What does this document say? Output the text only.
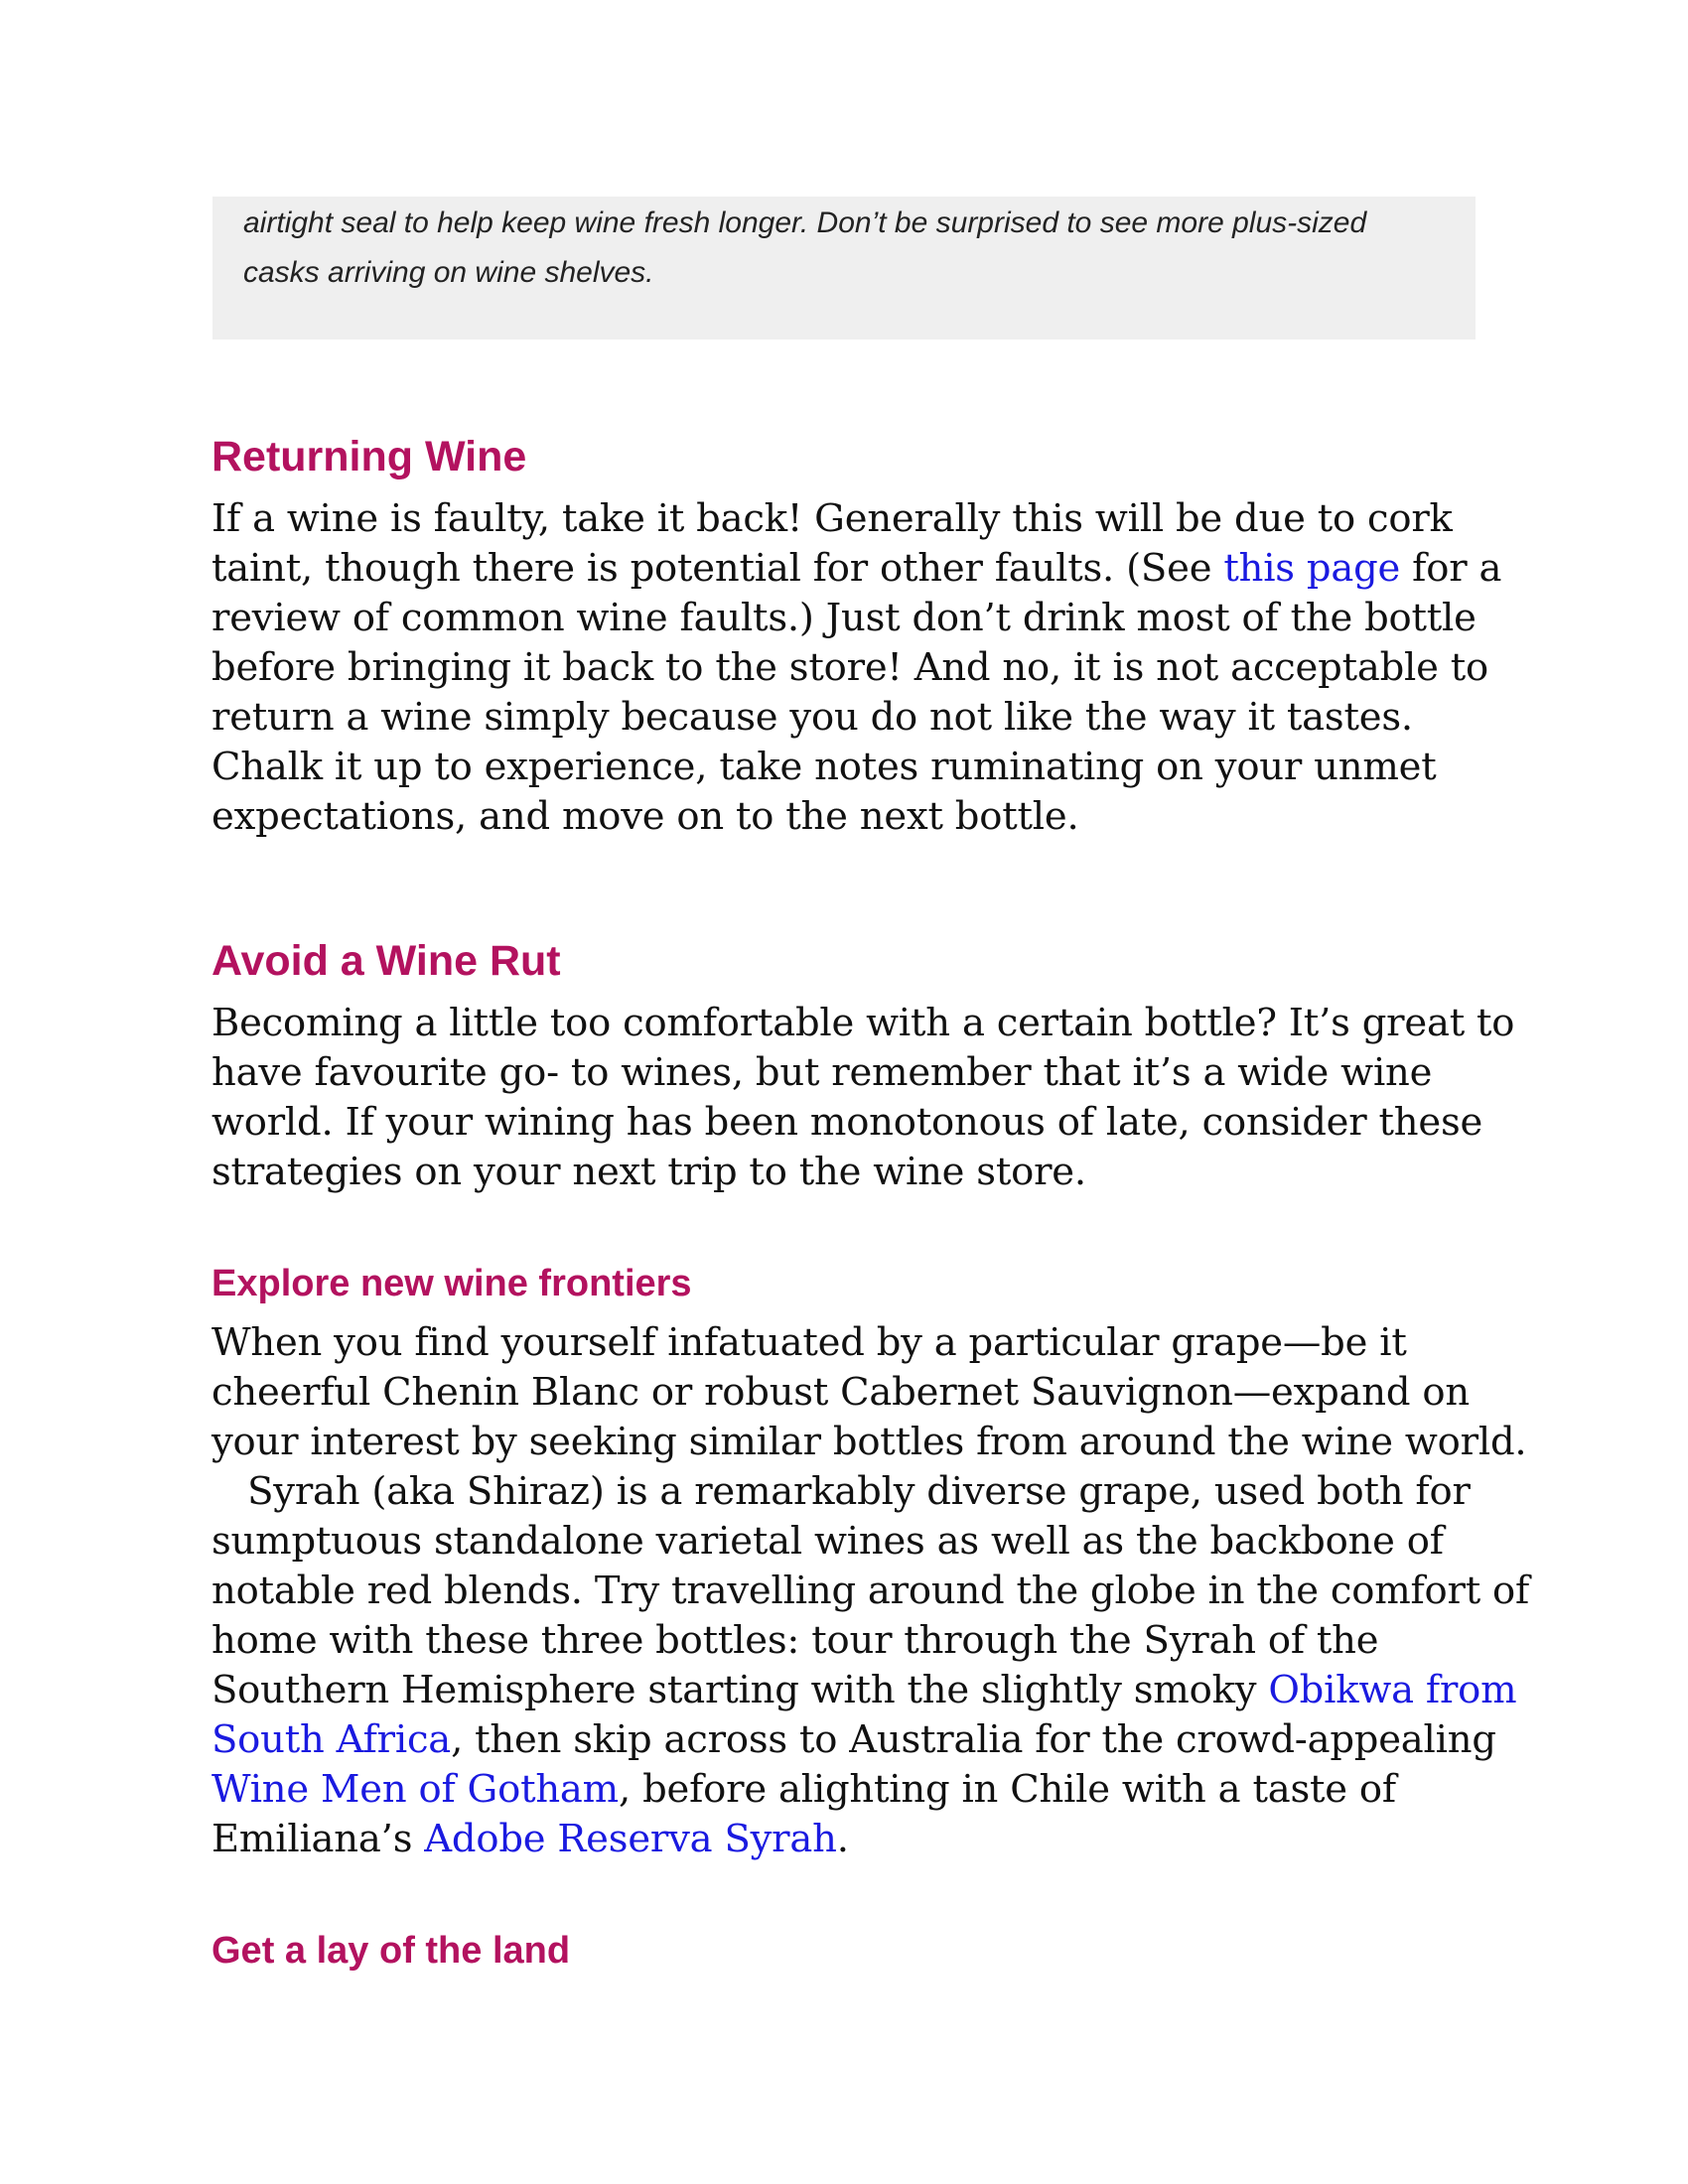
airtight seal to help keep wine fresh longer. Don’t be surprised to see more plus-sized
casks arriving on wine shelves.
Returning Wine
If a wine is faulty, take it back! Generally this will be due to cork
taint, though there is potential for other faults. (See this page for a
review of common wine faults.) Just don’t drink most of the bottle
before bringing it back to the store! And no, it is not acceptable to
return a wine simply because you do not like the way it tastes.
Chalk it up to experience, take notes ruminating on your unmet
expectations, and move on to the next bottle.
Avoid a Wine Rut
Becoming a little too comfortable with a certain bottle? It’s great to
have favourite go- to wines, but remember that it’s a wide wine
world. If your wining has been monotonous of late, consider these
strategies on your next trip to the wine store.
Explore new wine frontiers
When you find yourself infatuated by a particular grape—be it
cheerful Chenin Blanc or robust Cabernet Sauvignon—expand on
your interest by seeking similar bottles from around the wine world.
Syrah (aka Shiraz) is a remarkably diverse grape, used both for
sumptuous standalone varietal wines as well as the backbone of
notable red blends. Try travelling around the globe in the comfort of
home with these three bottles: tour through the Syrah of the
Southern Hemisphere starting with the slightly smoky Obikwa from
South Africa, then skip across to Australia for the crowd-appealing
Wine Men of Gotham, before alighting in Chile with a taste of
Emiliana’s Adobe Reserva Syrah.
Get a lay of the land
